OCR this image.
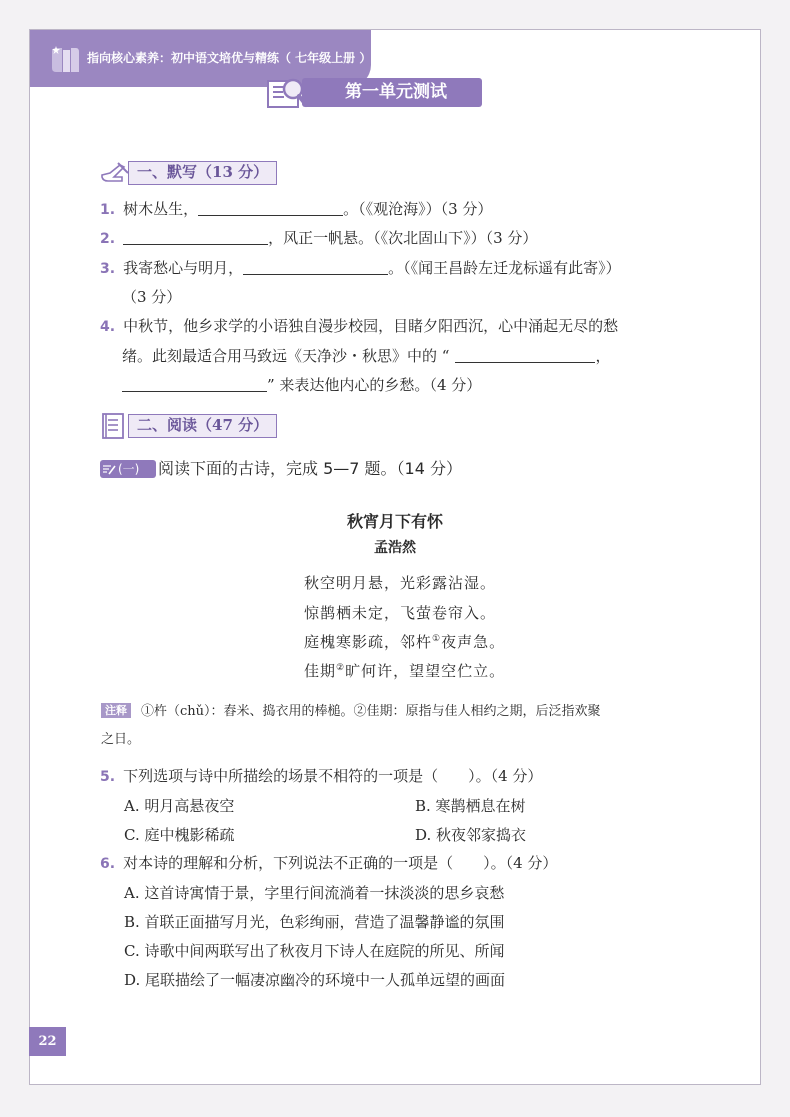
指向核心素养：初中语文培优与精练（ 七年级上册 ）
第一单元测试
一、默写（13 分）
1. 树木丛生，	。（《观沧海》）（3 分）
2.	，风正一帆悬。（《次北固山下》）（3 分）
3. 我寄愁心与明月，	。（《闻王昌龄左迁龙标遥有此寄》）
（3 分）
4. 中秋节，他乡求学的小语独自漫步校园，目睹夕阳西沉，心中涌起无尽的愁
绪。此刻最适合用马致远《天净沙・秋思》中的 “	，
” 来表达他内心的乡愁。（4 分）
二、阅读（47 分）
(一)	阅读下面的古诗，完成 5—7 题。（14 分）
秋宵月下有怀
孟浩然
秋空明月悬，光彩露沾湿。
惊鹊栖未定，飞萤卷帘入。
庭槐寒影疏，邻杵①夜声急。
佳期②旷何许，望望空伫立。
注释 ①杵（chǔ）：舂米、捣衣用的棒槌。②佳期：原指与佳人相约之期，后泛指欢聚
之日。
5. 下列选项与诗中所描绘的场景不相符的一项是（　　）。（4 分）
A. 明月高悬夜空	B. 寒鹊栖息在树
C. 庭中槐影稀疏	D. 秋夜邻家捣衣
6. 对本诗的理解和分析，下列说法不正确的一项是（　　）。（4 分）
A. 这首诗寓情于景，字里行间流淌着一抹淡淡的思乡哀愁
B. 首联正面描写月光，色彩绚丽，营造了温馨静谧的氛围
C. 诗歌中间两联写出了秋夜月下诗人在庭院的所见、所闻
D. 尾联描绘了一幅凄凉幽冷的环境中一人孤单远望的画面
22
